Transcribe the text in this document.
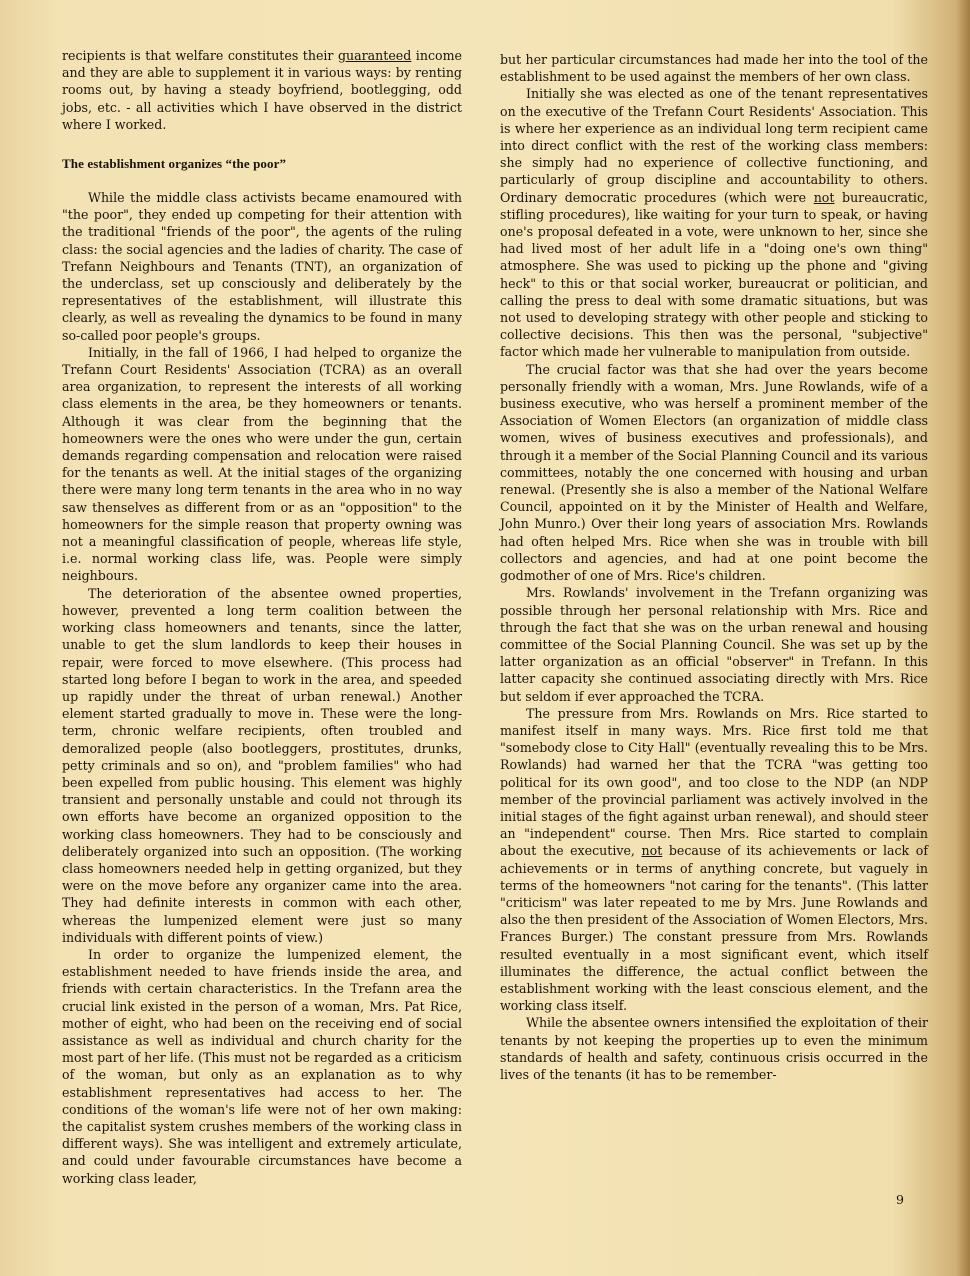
recipients is that welfare constitutes their guaranteed income and they are able to supplement it in various ways: by renting rooms out, by having a steady boyfriend, bootlegging, odd jobs, etc. - all activities which I have observed in the district where I worked.

The establishment organizes “the poor”

While the middle class activists became enamoured with "the poor", they ended up competing for their attention with the traditional "friends of the poor", the agents of the ruling class: the social agencies and the ladies of charity. The case of Trefann Neighbours and Tenants (TNT), an organization of the underclass, set up consciously and deliberately by the representatives of the establishment, will illustrate this clearly, as well as revealing the dynamics to be found in many so-called poor people's groups.

Initially, in the fall of 1966, I had helped to organize the Trefann Court Residents' Association (TCRA) as an overall area organization, to represent the interests of all working class elements in the area, be they homeowners or tenants. Although it was clear from the beginning that the homeowners were the ones who were under the gun, certain demands regarding compensation and relocation were raised for the tenants as well. At the initial stages of the organizing there were many long term tenants in the area who in no way saw thenselves as different from or as an "opposition" to the homeowners for the simple reason that property owning was not a meaningful classification of people, whereas life style, i.e. normal working class life, was. People were simply neighbours.

The deterioration of the absentee owned properties, however, prevented a long term coalition between the working class homeowners and tenants, since the latter, unable to get the slum landlords to keep their houses in repair, were forced to move elsewhere. (This process had started long before I began to work in the area, and speeded up rapidly under the threat of urban renewal.) Another element started gradually to move in. These were the long-term, chronic welfare recipients, often troubled and demoralized people (also bootleggers, prostitutes, drunks, petty criminals and so on), and "problem families" who had been expelled from public housing. This element was highly transient and personally unstable and could not through its own efforts have become an organized opposition to the working class homeowners. They had to be consciously and deliberately organized into such an opposition. (The working class homeowners needed help in getting organized, but they were on the move before any organizer came into the area. They had definite interests in common with each other, whereas the lumpenized element were just so many individuals with different points of view.)

In order to organize the lumpenized element, the establishment needed to have friends inside the area, and friends with certain characteristics. In the Trefann area the crucial link existed in the person of a woman, Mrs. Pat Rice, mother of eight, who had been on the receiving end of social assistance as well as individual and church charity for the most part of her life. (This must not be regarded as a criticism of the woman, but only as an explanation as to why establishment representatives had access to her. The conditions of the woman's life were not of her own making: the capitalist system crushes members of the working class in different ways). She was intelligent and extremely articulate, and could under favourable circumstances have become a working class leader,

but her particular circumstances had made her into the tool of the establishment to be used against the members of her own class.

Initially she was elected as one of the tenant representatives on the executive of the Trefann Court Residents' Association. This is where her experience as an individual long term recipient came into direct conflict with the rest of the working class members: she simply had no experience of collective functioning, and particularly of group discipline and accountability to others. Ordinary democratic procedures (which were not bureaucratic, stifling procedures), like waiting for your turn to speak, or having one's proposal defeated in a vote, were unknown to her, since she had lived most of her adult life in a "doing one's own thing" atmosphere. She was used to picking up the phone and "giving heck" to this or that social worker, bureaucrat or politician, and calling the press to deal with some dramatic situations, but was not used to developing strategy with other people and sticking to collective decisions. This then was the personal, "subjective" factor which made her vulnerable to manipulation from outside.

The crucial factor was that she had over the years become personally friendly with a woman, Mrs. June Rowlands, wife of a business executive, who was herself a prominent member of the Association of Women Electors (an organization of middle class women, wives of business executives and professionals), and through it a member of the Social Planning Council and its various committees, notably the one concerned with housing and urban renewal. (Presently she is also a member of the National Welfare Council, appointed on it by the Minister of Health and Welfare, John Munro.) Over their long years of association Mrs. Rowlands had often helped Mrs. Rice when she was in trouble with bill collectors and agencies, and had at one point become the godmother of one of Mrs. Rice's children.

Mrs. Rowlands' involvement in the Trefann organizing was possible through her personal relationship with Mrs. Rice and through the fact that she was on the urban renewal and housing committee of the Social Planning Council. She was set up by the latter organization as an official "observer" in Trefann. In this latter capacity she continued associating directly with Mrs. Rice but seldom if ever approached the TCRA.

The pressure from Mrs. Rowlands on Mrs. Rice started to manifest itself in many ways. Mrs. Rice first told me that "somebody close to City Hall" (eventually revealing this to be Mrs. Rowlands) had warned her that the TCRA "was getting too political for its own good", and too close to the NDP (an NDP member of the provincial parliament was actively involved in the initial stages of the fight against urban renewal), and should steer an "independent" course. Then Mrs. Rice started to complain about the executive, not because of its achievements or lack of achievements or in terms of anything concrete, but vaguely in terms of the homeowners "not caring for the tenants". (This latter "criticism" was later repeated to me by Mrs. June Rowlands and also the then president of the Association of Women Electors, Mrs. Frances Burger.) The constant pressure from Mrs. Rowlands resulted eventually in a most significant event, which itself illuminates the difference, the actual conflict between the establishment working with the least conscious element, and the working class itself.

While the absentee owners intensified the exploitation of their tenants by not keeping the properties up to even the minimum standards of health and safety, continuous crisis occurred in the lives of the tenants (it has to be remember-

9
